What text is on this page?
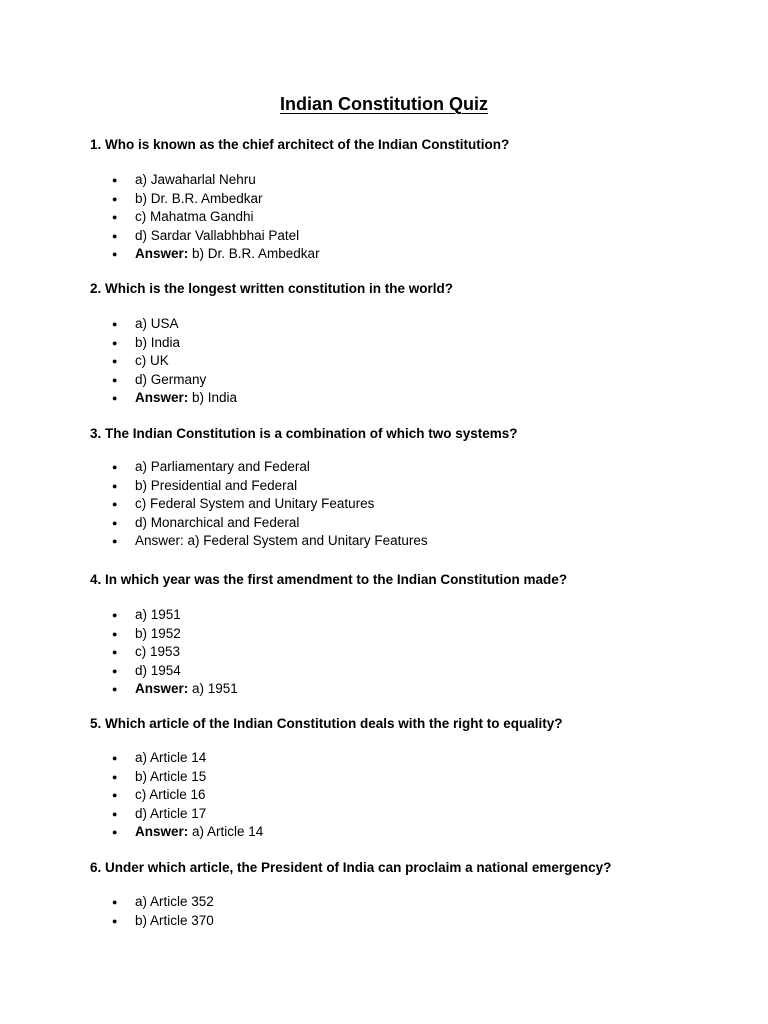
Indian Constitution Quiz
1. Who is known as the chief architect of the Indian Constitution?
● a) Jawaharlal Nehru
● b) Dr. B.R. Ambedkar
● c) Mahatma Gandhi
● d) Sardar Vallabhbhai Patel
● Answer: b) Dr. B.R. Ambedkar
2. Which is the longest written constitution in the world?
● a) USA
● b) India
● c) UK
● d) Germany
● Answer: b) India
3. The Indian Constitution is a combination of which two systems?
● a) Parliamentary and Federal
● b) Presidential and Federal
● c) Federal System and Unitary Features
● d) Monarchical and Federal
● Answer: a) Federal System and Unitary Features
4. In which year was the first amendment to the Indian Constitution made?
● a) 1951
● b) 1952
● c) 1953
● d) 1954
● Answer: a) 1951
5. Which article of the Indian Constitution deals with the right to equality?
● a) Article 14
● b) Article 15
● c) Article 16
● d) Article 17
● Answer: a) Article 14
6. Under which article, the President of India can proclaim a national emergency?
● a) Article 352
● b) Article 370
